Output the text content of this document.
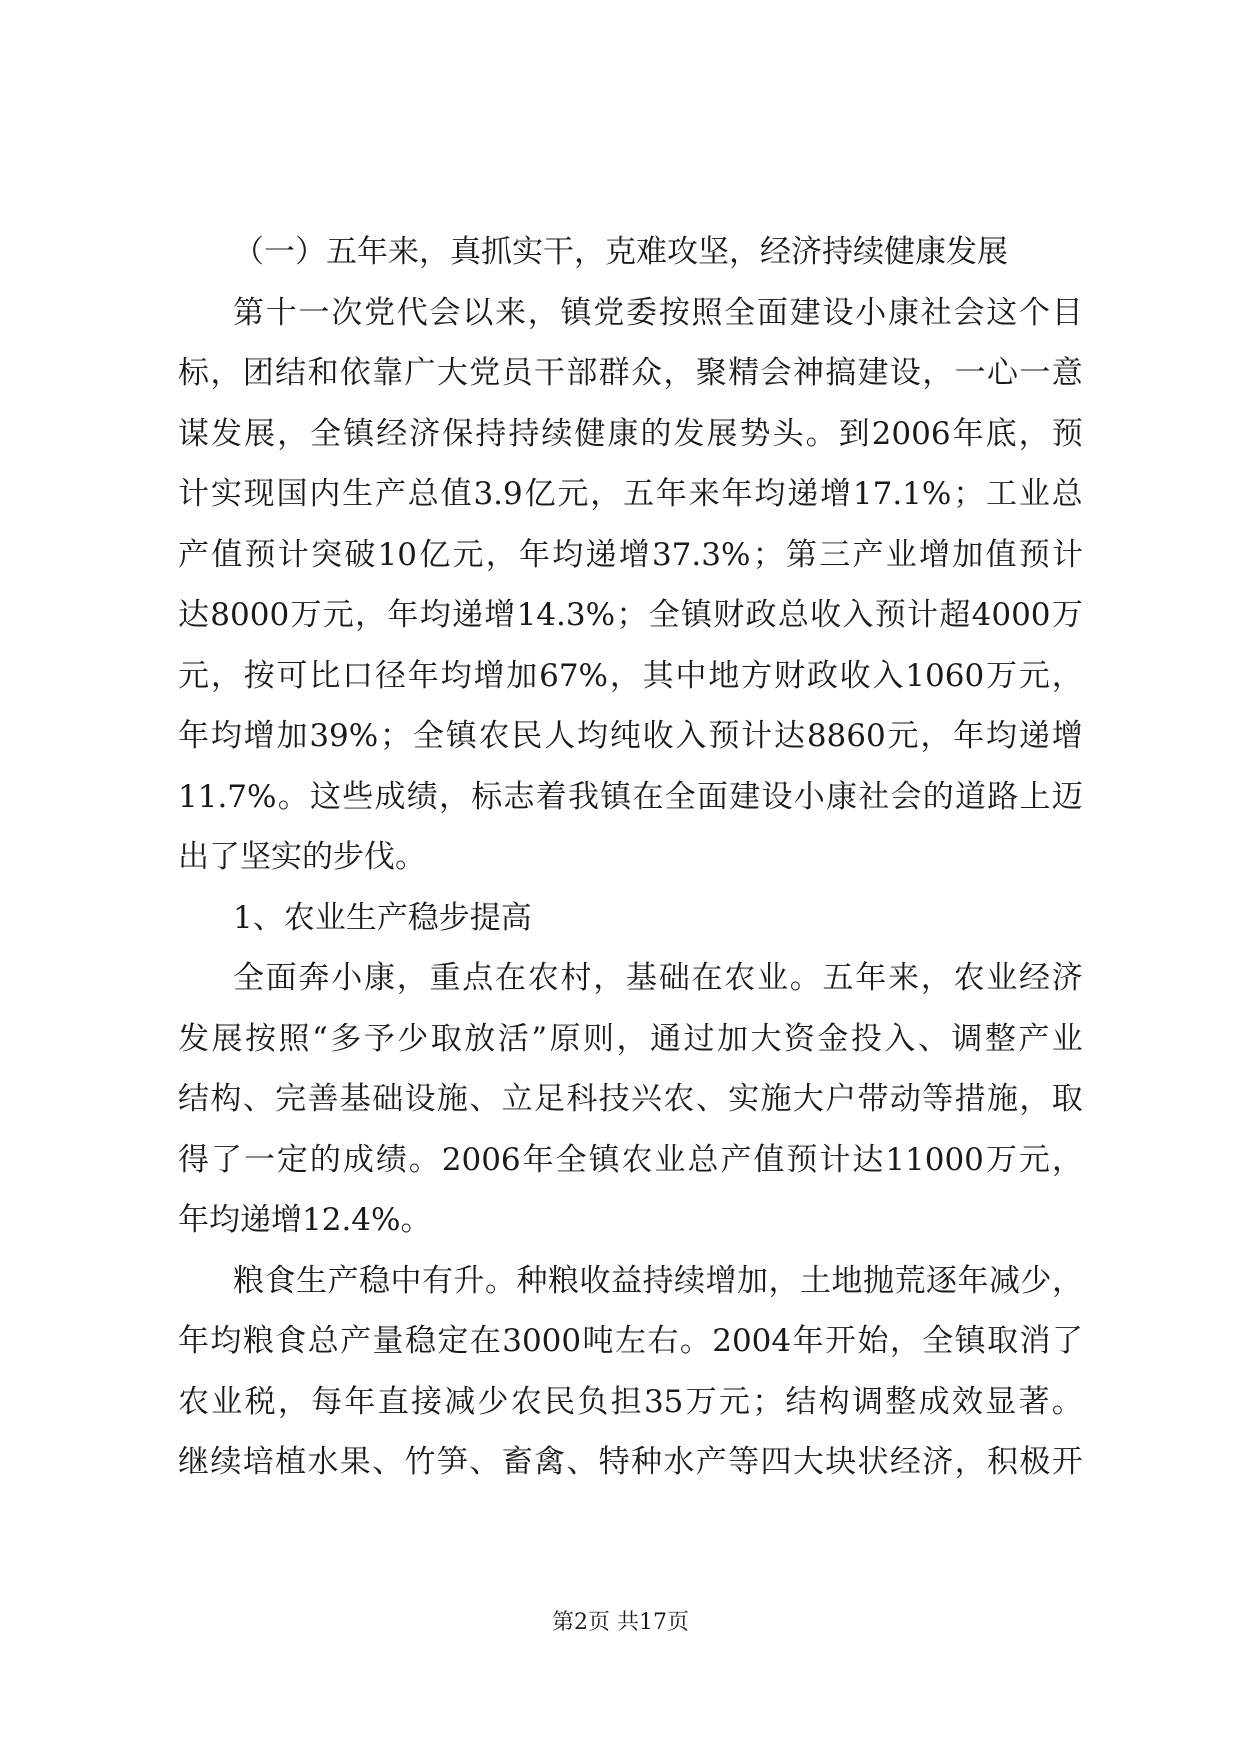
（一）五年来，真抓实干，克难攻坚，经济持续健康发展
第 十 一 次 党 代 会 以 来 ， 镇 党 委 按 照 全 面 建 设 小 康 社 会 这 个 目
标 ， 团 结 和 依 靠 广 大 党 员 干 部 群 众 ， 聚 精 会 神 搞 建 设 ， 一 心 一 意
谋 发 展 ， 全 镇 经 济 保 持 持 续 健 康 的 发 展 势 头 。 到 2006 年 底 ， 预
计 实 现 国 内 生 产 总 值 3.9 亿 元 ， 五 年 来 年 均 递 增 17.1% ； 工 业 总
产 值 预 计 突 破 10 亿 元 ， 年 均 递 增 37.3% ； 第 三 产 业 增 加 值 预 计
达 8000 万 元 ， 年 均 递 增 14.3% ； 全 镇 财 政 总 收 入 预 计 超 4000 万
元 ， 按 可 比 口 径 年 均 增 加 67% ， 其 中 地 方 财 政 收 入 1060 万 元 ，
年 均 增 加 39% ； 全 镇 农 民 人 均 纯 收 入 预 计 达 8860 元 ， 年 均 递 增
11.7% 。 这 些 成 绩 ， 标 志 着 我 镇 在 全 面 建 设 小 康 社 会 的 道 路 上 迈
出了坚实的步伐。
1、农业生产稳步提高
全 面 奔 小 康 ， 重 点 在 农 村 ， 基 础 在 农 业 。 五 年 来 ， 农 业 经 济
发 展 按 照 “ 多 予 少 取 放 活 ” 原 则 ， 通 过 加 大 资 金 投 入 、 调 整 产 业
结 构 、 完 善 基 础 设 施 、 立 足 科 技 兴 农 、 实 施 大 户 带 动 等 措 施 ， 取
得 了 一 定 的 成 绩 。 2006 年 全 镇 农 业 总 产 值 预 计 达 11000 万 元 ，
年均递增12.4%。
粮 食 生 产 稳 中 有 升 。 种 粮 收 益 持 续 增 加 ， 土 地 抛 荒 逐 年 减 少 ，
年 均 粮 食 总 产 量 稳 定 在 3000 吨 左 右 。 2004 年 开 始 ， 全 镇 取 消 了
农 业 税 ， 每 年 直 接 减 少 农 民 负 担 35 万 元 ； 结 构 调 整 成 效 显 著 。
继 续 培 植 水 果 、 竹 笋 、 畜 禽 、 特 种 水 产 等 四 大 块 状 经 济 ， 积 极 开
第2页 共17页
